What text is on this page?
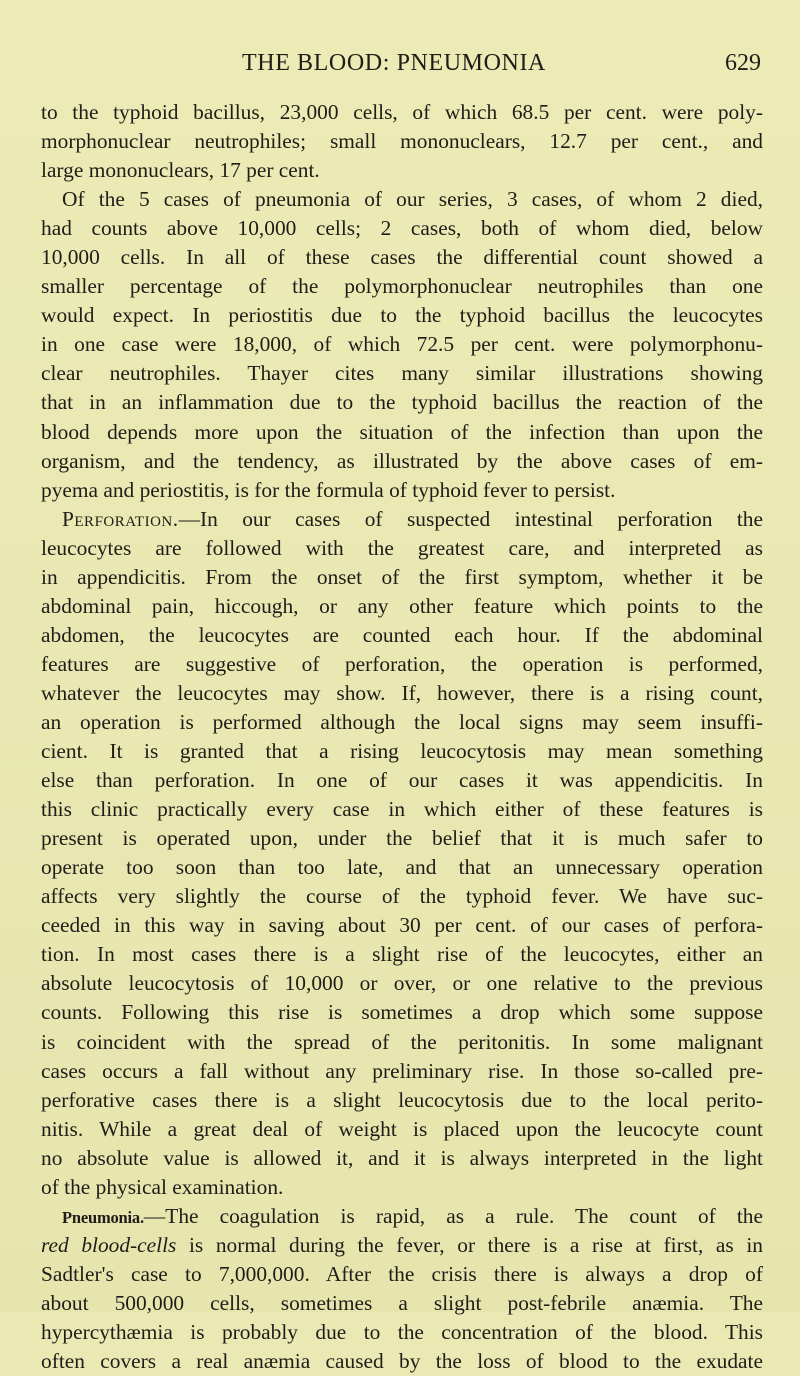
THE BLOOD: PNEUMONIA	629
to the typhoid bacillus, 23,000 cells, of which 68.5 per cent. were poly-
morphonuclear neutrophiles; small mononuclears, 12.7 per cent., and
large mononuclears, 17 per cent.
Of the 5 cases of pneumonia of our series, 3 cases, of whom 2 died,
had counts above 10,000 cells; 2 cases, both of whom died, below
10,000 cells. In all of these cases the differential count showed a
smaller percentage of the polymorphonuclear neutrophiles than one
would expect. In periostitis due to the typhoid bacillus the leucocytes
in one case were 18,000, of which 72.5 per cent. were polymorphonu-
clear neutrophiles. Thayer cites many similar illustrations showing
that in an inflammation due to the typhoid bacillus the reaction of the
blood depends more upon the situation of the infection than upon the
organism, and the tendency, as illustrated by the above cases of em-
pyema and periostitis, is for the formula of typhoid fever to persist.
Perforation.—In our cases of suspected intestinal perforation the
leucocytes are followed with the greatest care, and interpreted as
in appendicitis. From the onset of the first symptom, whether it be
abdominal pain, hiccough, or any other feature which points to the
abdomen, the leucocytes are counted each hour. If the abdominal
features are suggestive of perforation, the operation is performed,
whatever the leucocytes may show. If, however, there is a rising count,
an operation is performed although the local signs may seem insuffi-
cient. It is granted that a rising leucocytosis may mean something
else than perforation. In one of our cases it was appendicitis. In
this clinic practically every case in which either of these features is
present is operated upon, under the belief that it is much safer to
operate too soon than too late, and that an unnecessary operation
affects very slightly the course of the typhoid fever. We have suc-
ceeded in this way in saving about 30 per cent. of our cases of perfora-
tion. In most cases there is a slight rise of the leucocytes, either an
absolute leucocytosis of 10,000 or over, or one relative to the previous
counts. Following this rise is sometimes a drop which some suppose
is coincident with the spread of the peritonitis. In some malignant
cases occurs a fall without any preliminary rise. In those so-called pre-
perforative cases there is a slight leucocytosis due to the local perito-
nitis. While a great deal of weight is placed upon the leucocyte count
no absolute value is allowed it, and it is always interpreted in the light
of the physical examination.
Pneumonia.—The coagulation is rapid, as a rule. The count of the
red blood-cells is normal during the fever, or there is a rise at first, as in
Sadtler's case to 7,000,000. After the crisis there is always a drop of
about 500,000 cells, sometimes a slight post-febrile anæmia. The
hypercythæmia is probably due to the concentration of the blood. This
often covers a real anæmia caused by the loss of blood to the exudate
